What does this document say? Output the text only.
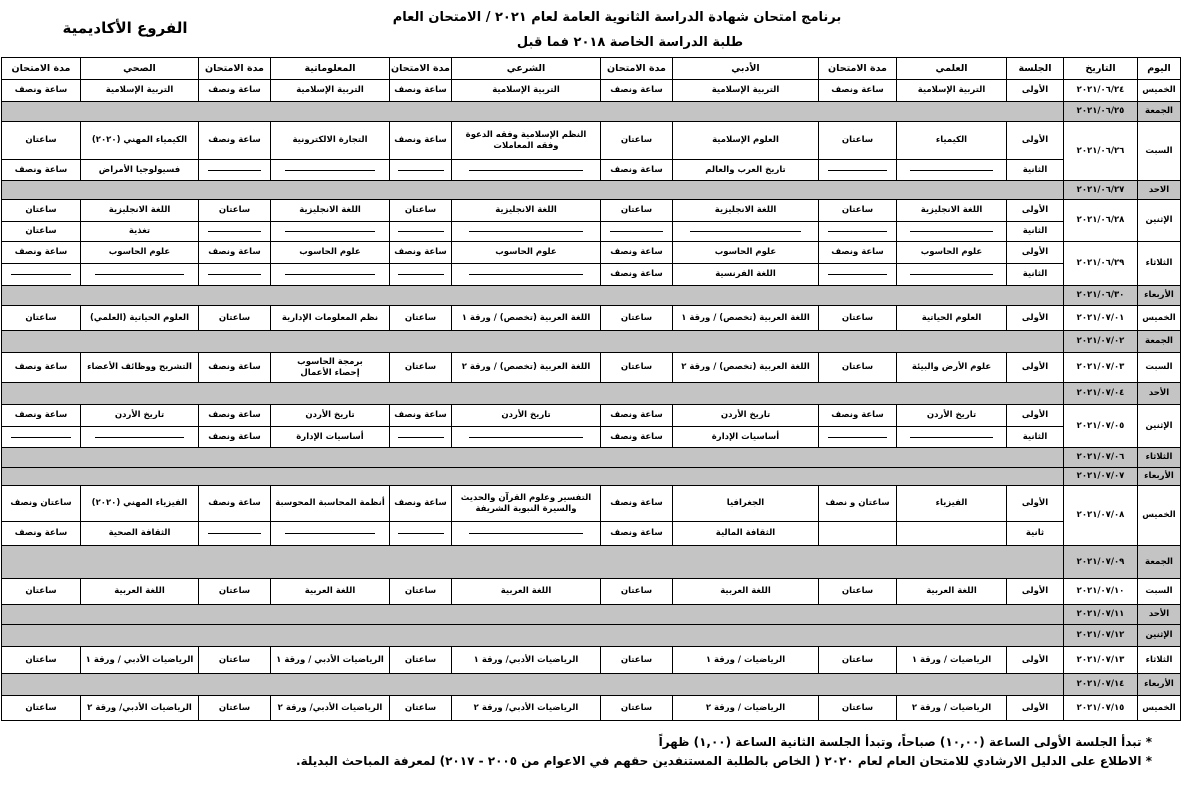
برنامج امتحان شهادة الدراسة الثانوية العامة لعام ٢٠٢١ / الامتحان العام
طلبة الدراسة الخاصة ٢٠١٨ فما قبل
الفروع الأكاديمية
اليوم	التاريخ	الجلسة	العلمي	مدة الامتحان	الأدبي	مدة الامتحان	الشرعي	مدة الامتحان	المعلوماتية	مدة الامتحان	الصحي	مدة الامتحان
الخميس	٢٠٢١/٠٦/٢٤	الأولى	التربية الإسلامية	ساعة ونصف	التربية الإسلامية	ساعة ونصف	التربية الإسلامية	ساعة ونصف	التربية الإسلامية	ساعة ونصف	التربية الإسلامية	ساعة ونصف
الجمعة	٢٠٢١/٠٦/٢٥											
السبت	٢٠٢١/٠٦/٢٦	الأولى	الكيمياء	ساعتان	العلوم الإسلامية	ساعتان	النظم الإسلامية وفقه الدعوة
وفقه المعاملات	ساعة ونصف	التجارة الالكترونية	ساعة ونصف	الكيمياء المهني (٢٠٢٠)	ساعتان
		الثانية			تاريخ العرب والعالم	ساعة ونصف					فسيولوجيا الأمراض	ساعة ونصف
الاحد	٢٠٢١/٠٦/٢٧											
الإثنين	٢٠٢١/٠٦/٢٨	الأولى	اللغة الانجليزية	ساعتان	اللغة الانجليزية	ساعتان	اللغة الانجليزية	ساعتان	اللغة الانجليزية	ساعتان	اللغة الانجليزية	ساعتان
		الثانية									تغذية	ساعتان
الثلاثاء	٢٠٢١/٠٦/٢٩	الأولى	علوم الحاسوب	ساعة ونصف	علوم الحاسوب	ساعة ونصف	علوم الحاسوب	ساعة ونصف	علوم الحاسوب	ساعة ونصف	علوم الحاسوب	ساعة ونصف
		الثانية			اللغة الفرنسية	ساعة ونصف	

الأربعاء	٢٠٢١/٠٦/٣٠											
الخميس	٢٠٢١/٠٧/٠١	الأولى	العلوم الحياتية	ساعتان	اللغة العربية (تخصص) / ورقة ١	ساعتان	اللغة العربية (تخصص) / ورقة ١	ساعتان	نظم المعلومات الإدارية	ساعتان	العلوم الحياتية (العلمي)	ساعتان
الجمعة	٢٠٢١/٠٧/٠٢											
السبت	٢٠٢١/٠٧/٠٣	الأولى	علوم الأرض والبيئة	ساعتان	اللغة العربية (تخصص) / ورقة ٢	ساعتان	اللغة العربية (تخصص) / ورقة ٢	ساعتان	برمجة الحاسوب
إحصاء الأعمال	ساعة ونصف	التشريح ووظائف الأعضاء	ساعة ونصف
الأحد	٢٠٢١/٠٧/٠٤											
الإثنين	٢٠٢١/٠٧/٠٥	الأولى	تاريخ الأردن	ساعة ونصف	تاريخ الأردن	ساعة ونصف	تاريخ الأردن	ساعة ونصف	تاريخ الأردن	ساعة ونصف	تاريخ الأردن	ساعة ونصف
		الثانية			أساسيات الإدارة	ساعة ونصف			أساسيات الإدارة	ساعة ونصف	

الثلاثاء	٢٠٢١/٠٧/٠٦											
الأربعاء	٢٠٢١/٠٧/٠٧											
الخميس	٢٠٢١/٠٧/٠٨	الأولى	الفيزياء	ساعتان و نصف	الجغرافيا	ساعة ونصف	التفسير وعلوم القرآن والحديث
والسيرة النبوية الشريفة	ساعة ونصف	أنظمة المحاسبة المحوسبة	ساعة ونصف	الفيزياء المهني (٢٠٢٠)	ساعتان ونصف
		ثانية			الثقافة المالية	ساعة ونصف					الثقافة الصحية	ساعة ونصف
الجمعة	٢٠٢١/٠٧/٠٩											
السبت	٢٠٢١/٠٧/١٠	الأولى	اللغة العربية	ساعتان	اللغة العربية	ساعتان	اللغة العربية	ساعتان	اللغة العربية	ساعتان	اللغة العربية	ساعتان
الأحد	٢٠٢١/٠٧/١١											
الإثنين	٢٠٢١/٠٧/١٢											
الثلاثاء	٢٠٢١/٠٧/١٣	الأولى	الرياضيات / ورقة ١	ساعتان	الرياضيات / ورقة ١	ساعتان	الرياضيات الأدبي/ ورقة ١	ساعتان	الرياضيات الأدبي / ورقة ١	ساعتان	الرياضيات الأدبي / ورقة ١	ساعتان
الأربعاء	٢٠٢١/٠٧/١٤											
الخميس	٢٠٢١/٠٧/١٥	الأولى	الرياضيات / ورقة ٢	ساعتان	الرياضيات / ورقة ٢	ساعتان	الرياضيات الأدبي/ ورقة ٢	ساعتان	الرياضيات الأدبي/ ورقة ٢	ساعتان	الرياضيات الأدبي/ ورقة ٢	ساعتان
* تبدأ الجلسة الأولى الساعة (١٠,٠٠) صباحاً، وتبدأ الجلسة الثانية الساعة (١,٠٠) ظهراً
* الاطلاع على الدليل الارشادي للامتحان العام لعام ٢٠٢٠ ( الخاص بالطلبة المستنفدين حقهم في الاعوام من ٢٠٠٥ - ٢٠١٧) لمعرفة المباحث البديلة.
